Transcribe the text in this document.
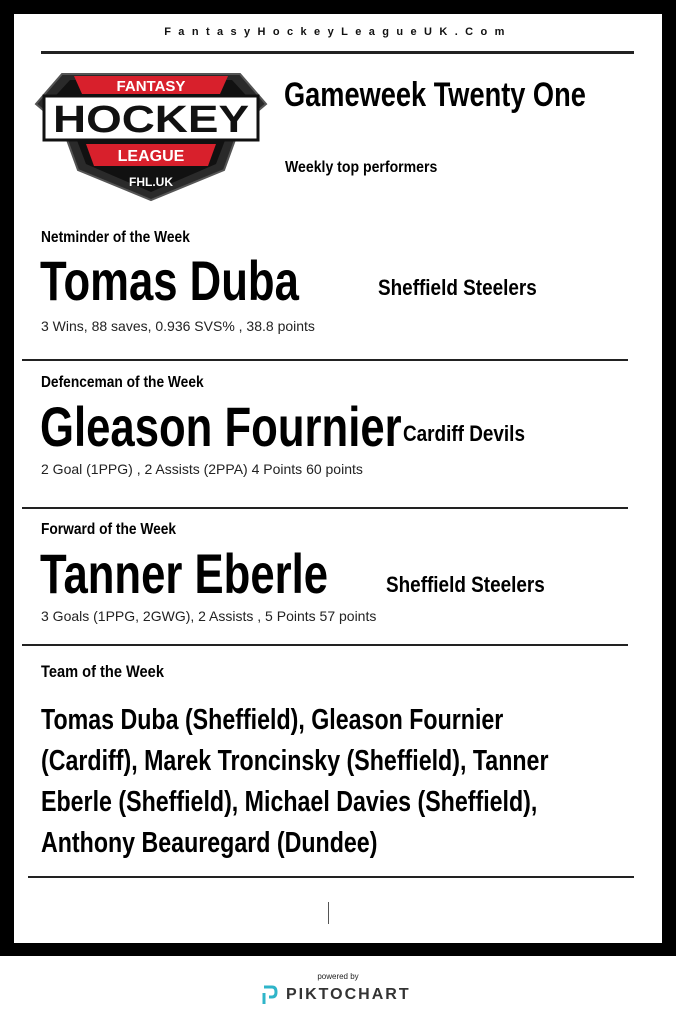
FantasyHockeyLeagueUK.Com
FANTASY
HOCKEY
LEAGUE
FHL.UK
Gameweek Twenty One
Weekly top performers
Netminder of the Week
Tomas Duba	Sheffield Steelers
3 Wins, 88 saves, 0.936 SVS% , 38.8 points
Defenceman of the Week
Gleason Fournier Cardiff Devils
2 Goal (1PPG) , 2 Assists (2PPA) 4 Points 60 points
Forward of the Week
Tanner Eberle	Sheffield Steelers
3 Goals (1PPG, 2GWG), 2 Assists , 5 Points 57 points
Team of the Week
Tomas Duba (Sheffield), Gleason Fournier
(Cardiff), Marek Troncinsky (Sheffield), Tanner
Eberle (Sheffield), Michael Davies (Sheffield),
Anthony Beauregard (Dundee)
powered by
PIKTOCHART
